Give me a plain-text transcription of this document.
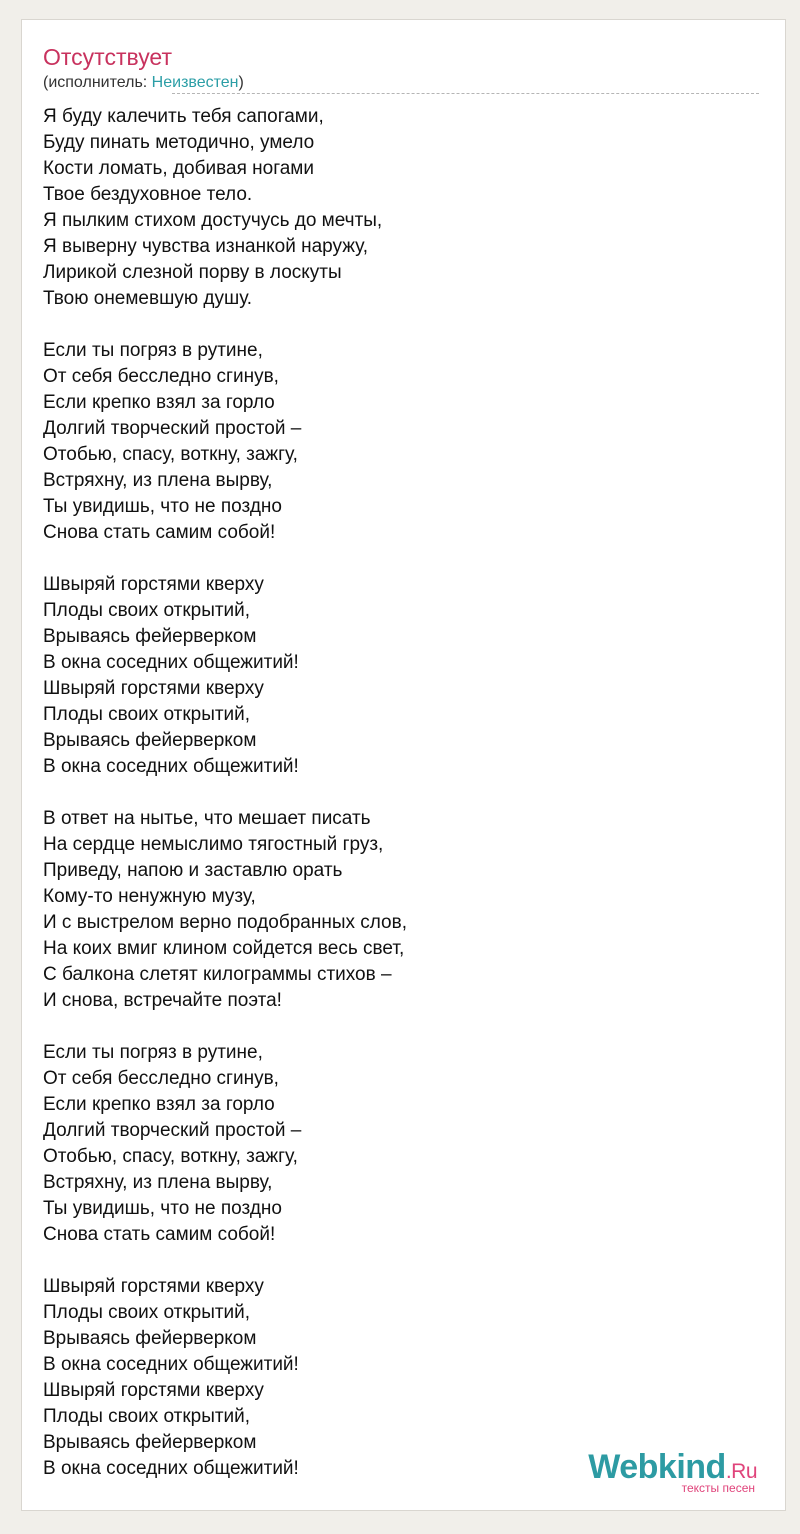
Отсутствует
(исполнитель: Неизвестен)
Я буду калечить тебя сапогами,
Буду пинать методично, умело
Кости ломать, добивая ногами
Твое бездуховное тело.
Я пылким стихом достучусь до мечты,
Я выверну чувства изнанкой наружу,
Лирикой слезной порву в лоскуты
Твою онемевшую душу.
Если ты погряз в рутине,
От себя бесследно сгинув,
Если крепко взял за горло
Долгий творческий простой –
Отобью, спасу, воткну, зажгу,
Встряхну, из плена вырву,
Ты увидишь, что не поздно
Снова стать самим собой!
Швыряй горстями кверху
Плоды своих открытий,
Врываясь фейерверком
В окна соседних общежитий!
Швыряй горстями кверху
Плоды своих открытий,
Врываясь фейерверком
В окна соседних общежитий!
В ответ на нытье, что мешает писать
На сердце немыслимо тягостный груз,
Приведу, напою и заставлю орать
Кому-то ненужную музу,
И с выстрелом верно подобранных слов,
На коих вмиг клином сойдется весь свет,
С балкона слетят килограммы стихов –
И снова, встречайте поэта!
Если ты погряз в рутине,
От себя бесследно сгинув,
Если крепко взял за горло
Долгий творческий простой –
Отобью, спасу, воткну, зажгу,
Встряхну, из плена вырву,
Ты увидишь, что не поздно
Снова стать самим собой!
Швыряй горстями кверху
Плоды своих открытий,
Врываясь фейерверком
В окна соседних общежитий!
Швыряй горстями кверху
Плоды своих открытий,
Врываясь фейерверком
В окна соседних общежитий!	Webkind.Ru
тексты песен
